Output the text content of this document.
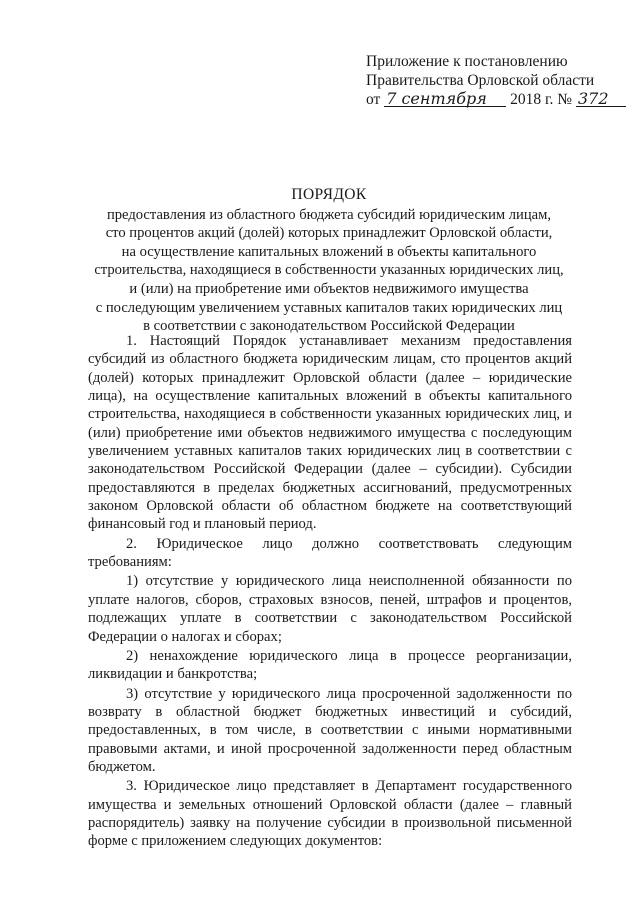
Приложение к постановлению
Правительства Орловской области
от 7 сентября 2018 г. № 372
ПОРЯДОК
предоставления из областного бюджета субсидий юридическим лицам,
сто процентов акций (долей) которых принадлежит Орловской области,
на осуществление капитальных вложений в объекты капитального
строительства, находящиеся в собственности указанных юридических лиц,
и (или) на приобретение ими объектов недвижимого имущества
с последующим увеличением уставных капиталов таких юридических лиц
в соответствии с законодательством Российской Федерации

1. Настоящий Порядок устанавливает механизм предоставления субсидий из областного бюджета юридическим лицам, сто процентов акций (долей) которых принадлежит Орловской области (далее – юридические лица), на осуществление капитальных вложений в объекты капитального строительства, находящиеся в собственности указанных юридических лиц, и (или) приобретение ими объектов недвижимого имущества с последующим увеличением уставных капиталов таких юридических лиц в соответствии с законодательством Российской Федерации (далее – субсидии). Субсидии предоставляются в пределах бюджетных ассигнований, предусмотренных законом Орловской области об областном бюджете на соответствующий финансовый год и плановый период.

2. Юридическое лицо должно соответствовать следующим требованиям:

1) отсутствие у юридического лица неисполненной обязанности по уплате налогов, сборов, страховых взносов, пеней, штрафов и процентов, подлежащих уплате в соответствии с законодательством Российской Федерации о налогах и сборах;

2) ненахождение юридического лица в процессе реорганизации, ликвидации и банкротства;

3) отсутствие у юридического лица просроченной задолженности по возврату в областной бюджет бюджетных инвестиций и субсидий, предоставленных, в том числе, в соответствии с иными нормативными правовыми актами, и иной просроченной задолженности перед областным бюджетом.

3. Юридическое лицо представляет в Департамент государственного имущества и земельных отношений Орловской области (далее – главный распорядитель) заявку на получение субсидии в произвольной письменной форме с приложением следующих документов:
